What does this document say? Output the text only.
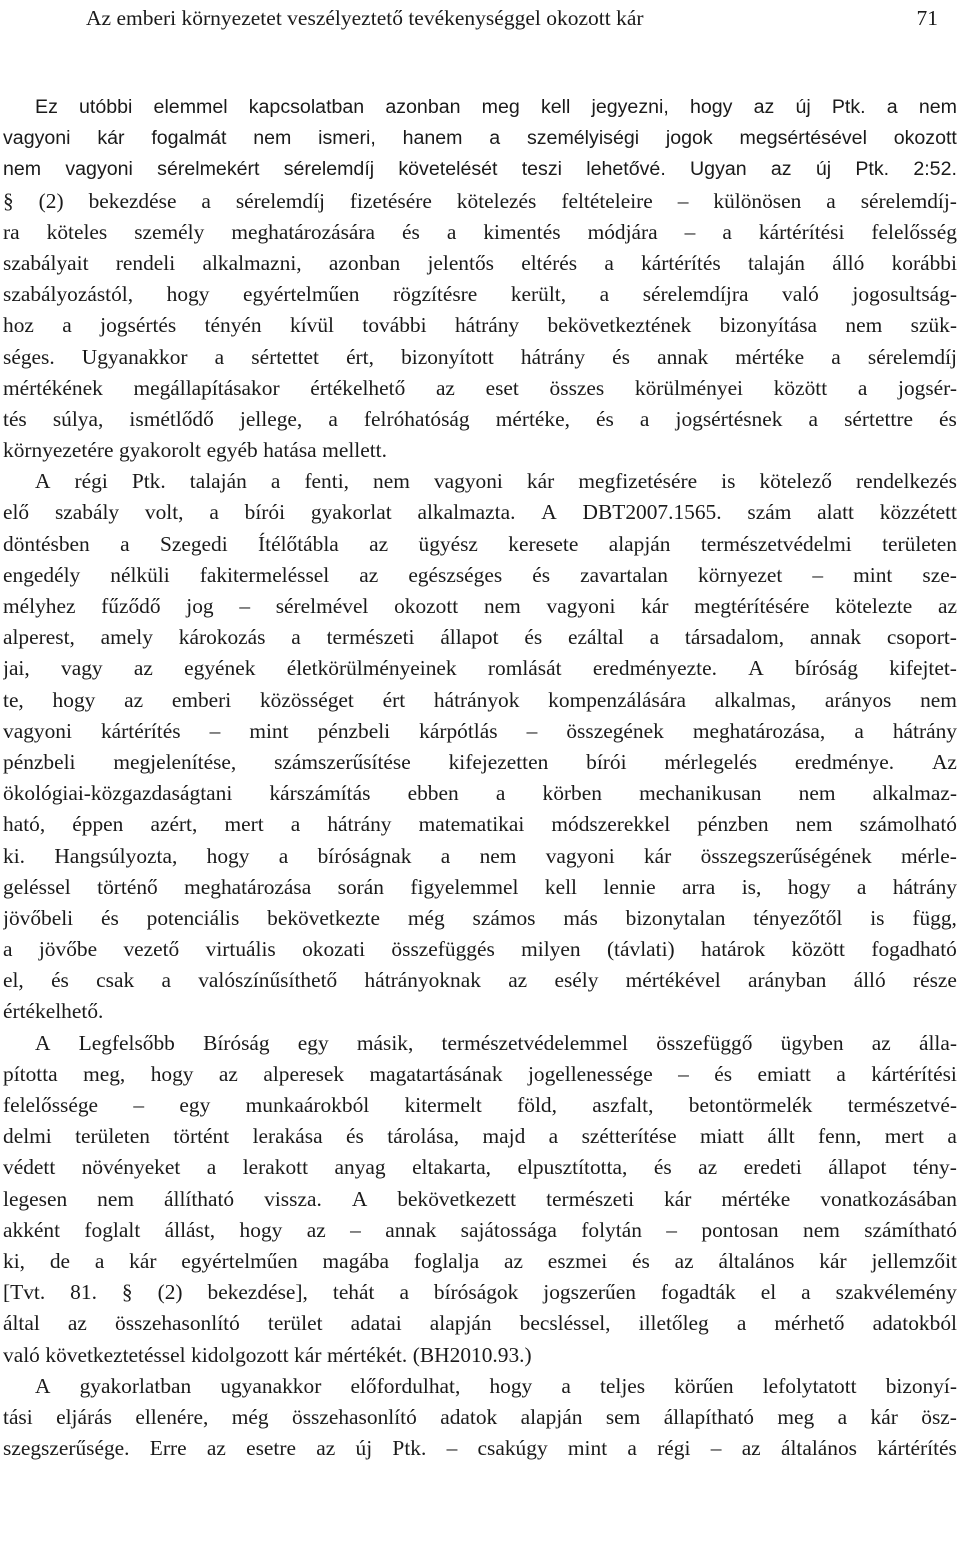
Az emberi környezetet veszélyeztető tevékenységgel okozott kár	71
Ez utóbbi elemmel kapcsolatban azonban meg kell jegyezni, hogy az új Ptk. a nem
vagyoni kár fogalmát nem ismeri, hanem a személyiségi jogok megsértésével okozott
nem vagyoni sérelmekért sérelemdíj követelését teszi lehetővé. Ugyan az új Ptk. 2:52.
§ (2) bekezdése a sérelemdíj fizetésére kötelezés feltételeire – különösen a sérelemdíj-
ra köteles személy meghatározására és a kimentés módjára – a kártérítési felelősség
szabályait rendeli alkalmazni, azonban jelentős eltérés a kártérítés talaján álló korábbi
szabályozástól, hogy egyértelműen rögzítésre került, a sérelemdíjra való jogosultság-
hoz a jogsértés tényén kívül további hátrány bekövetkeztének bizonyítása nem szük-
séges. Ugyanakkor a sértettet ért, bizonyított hátrány és annak mértéke a sérelemdíj
mértékének megállapításakor értékelhető az eset összes körülményei között a jogsér-
tés súlya, ismétlődő jellege, a felróhatóság mértéke, és a jogsértésnek a sértettre és
környezetére gyakorolt egyéb hatása mellett.
A régi Ptk. talaján a fenti, nem vagyoni kár megfizetésére is kötelező rendelkezés
elő szabály volt, a bírói gyakorlat alkalmazta. A DBT2007.1565. szám alatt közzétett
döntésben a Szegedi Ítélőtábla az ügyész keresete alapján természetvédelmi területen
engedély nélküli fakitermeléssel az egészséges és zavartalan környezet – mint sze-
mélyhez fűződő jog – sérelmével okozott nem vagyoni kár megtérítésére kötelezte az
alperest, amely károkozás a természeti állapot és ezáltal a társadalom, annak csoport-
jai, vagy az egyének életkörülményeinek romlását eredményezte. A bíróság kifejtet-
te, hogy az emberi közösséget ért hátrányok kompenzálására alkalmas, arányos nem
vagyoni kártérítés – mint pénzbeli kárpótlás – összegének meghatározása, a hátrány
pénzbeli megjelenítése, számszerűsítése kifejezetten bírói mérlegelés eredménye. Az
ökológiai-közgazdaságtani kárszámítás ebben a körben mechanikusan nem alkalmaz-
ható, éppen azért, mert a hátrány matematikai módszerekkel pénzben nem számolható
ki. Hangsúlyozta, hogy a bíróságnak a nem vagyoni kár összegszerűségének mérle-
geléssel történő meghatározása során figyelemmel kell lennie arra is, hogy a hátrány
jövőbeli és potenciális bekövetkezte még számos más bizonytalan tényezőtől is függ,
a jövőbe vezető virtuális okozati összefüggés milyen (távlati) határok között fogadható
el, és csak a valószínűsíthető hátrányoknak az esély mértékével arányban álló része
értékelhető.
A Legfelsőbb Bíróság egy másik, természetvédelemmel összefüggő ügyben az álla-
pította meg, hogy az alperesek magatartásának jogellenessége – és emiatt a kártérítési
felelőssége – egy munkaárokból kitermelt föld, aszfalt, betontörmelék természetvé-
delmi területen történt lerakása és tárolása, majd a szétterítése miatt állt fenn, mert a
védett növényeket a lerakott anyag eltakarta, elpusztította, és az eredeti állapot tény-
legesen nem állítható vissza. A bekövetkezett természeti kár mértéke vonatkozásában
akként foglalt állást, hogy az – annak sajátossága folytán – pontosan nem számítható
ki, de a kár egyértelműen magába foglalja az eszmei és az általános kár jellemzőit
[Tvt. 81. § (2) bekezdése], tehát a bíróságok jogszerűen fogadták el a szakvélemény
által az összehasonlító terület adatai alapján becsléssel, illetőleg a mérhető adatokból
való következtetéssel kidolgozott kár mértékét. (BH2010.93.)
A gyakorlatban ugyanakkor előfordulhat, hogy a teljes körűen lefolytatott bizonyí-
tási eljárás ellenére, még összehasonlító adatok alapján sem állapítható meg a kár ösz-
szegszerűsége. Erre az esetre az új Ptk. – csakúgy mint a régi – az általános kártérítés
